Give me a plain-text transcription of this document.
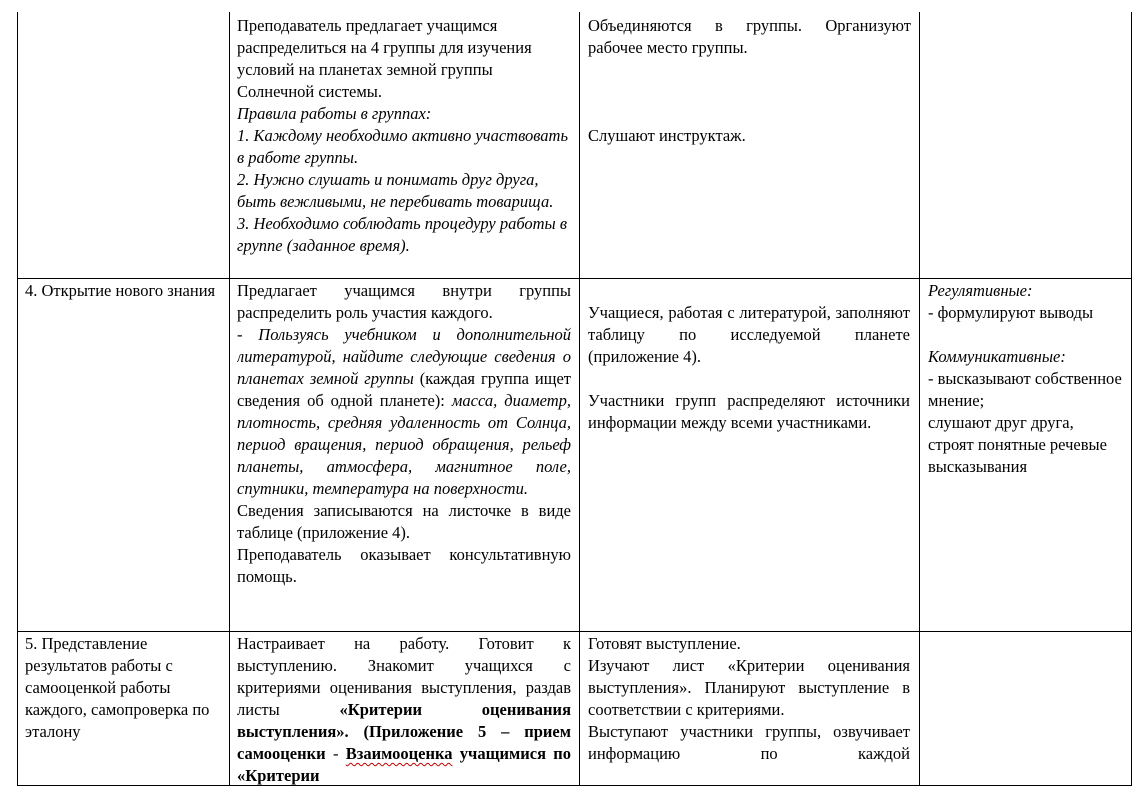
Преподаватель предлагает учащимся распределиться на 4 группы для изучения условий на планетах земной группы Солнечной системы.
Правила работы в группах:
1. Каждому необходимо активно участвовать в работе группы.
2. Нужно слушать и понимать друг друга, быть вежливыми, не перебивать товарища.
3. Необходимо соблюдать процедуру работы в группе (заданное время).
Объединяются в группы. Организуют рабочее место группы.
Слушают инструктаж.
4. Открытие нового знания	Предлагает учащимся внутри группы распределить роль участия каждого.
- Пользуясь учебником и дополнительной литературой, найдите следующие сведения о планетах земной группы (каждая группа ищет сведения об одной планете): масса, диаметр, плотность, средняя удаленность от Солнца, период вращения, период обращения, рельеф планеты, атмосфера, магнитное поле, спутники, температура на поверхности.
Сведения записываются на листочке в виде таблице (приложение 4).
Преподаватель оказывает консультативную помощь.
Учащиеся, работая с литературой, заполняют таблицу по исследуемой планете (приложение 4).
Участники групп распределяют источники информации между всеми участниками.
Регулятивные:
- формулируют выводы
Коммуникативные:
- высказывают собственное мнение;
слушают друг друга,
строят понятные речевые высказывания
5. Представление результатов работы с самооценкой работы каждого, самопроверка по эталону
Настраивает на работу. Готовит к выступлению. Знакомит учащихся с критериями оценивания выступления, раздав листы	«Критерии оценивания выступления». (Приложение 5 – прием самооценки - Взаимооценка учащимися по «Критерии
Готовят выступление.
Изучают лист «Критерии оценивания выступления». Планируют выступление в соответствии с критериями.
Выступают участники группы, озвучивает информацию по каждой
